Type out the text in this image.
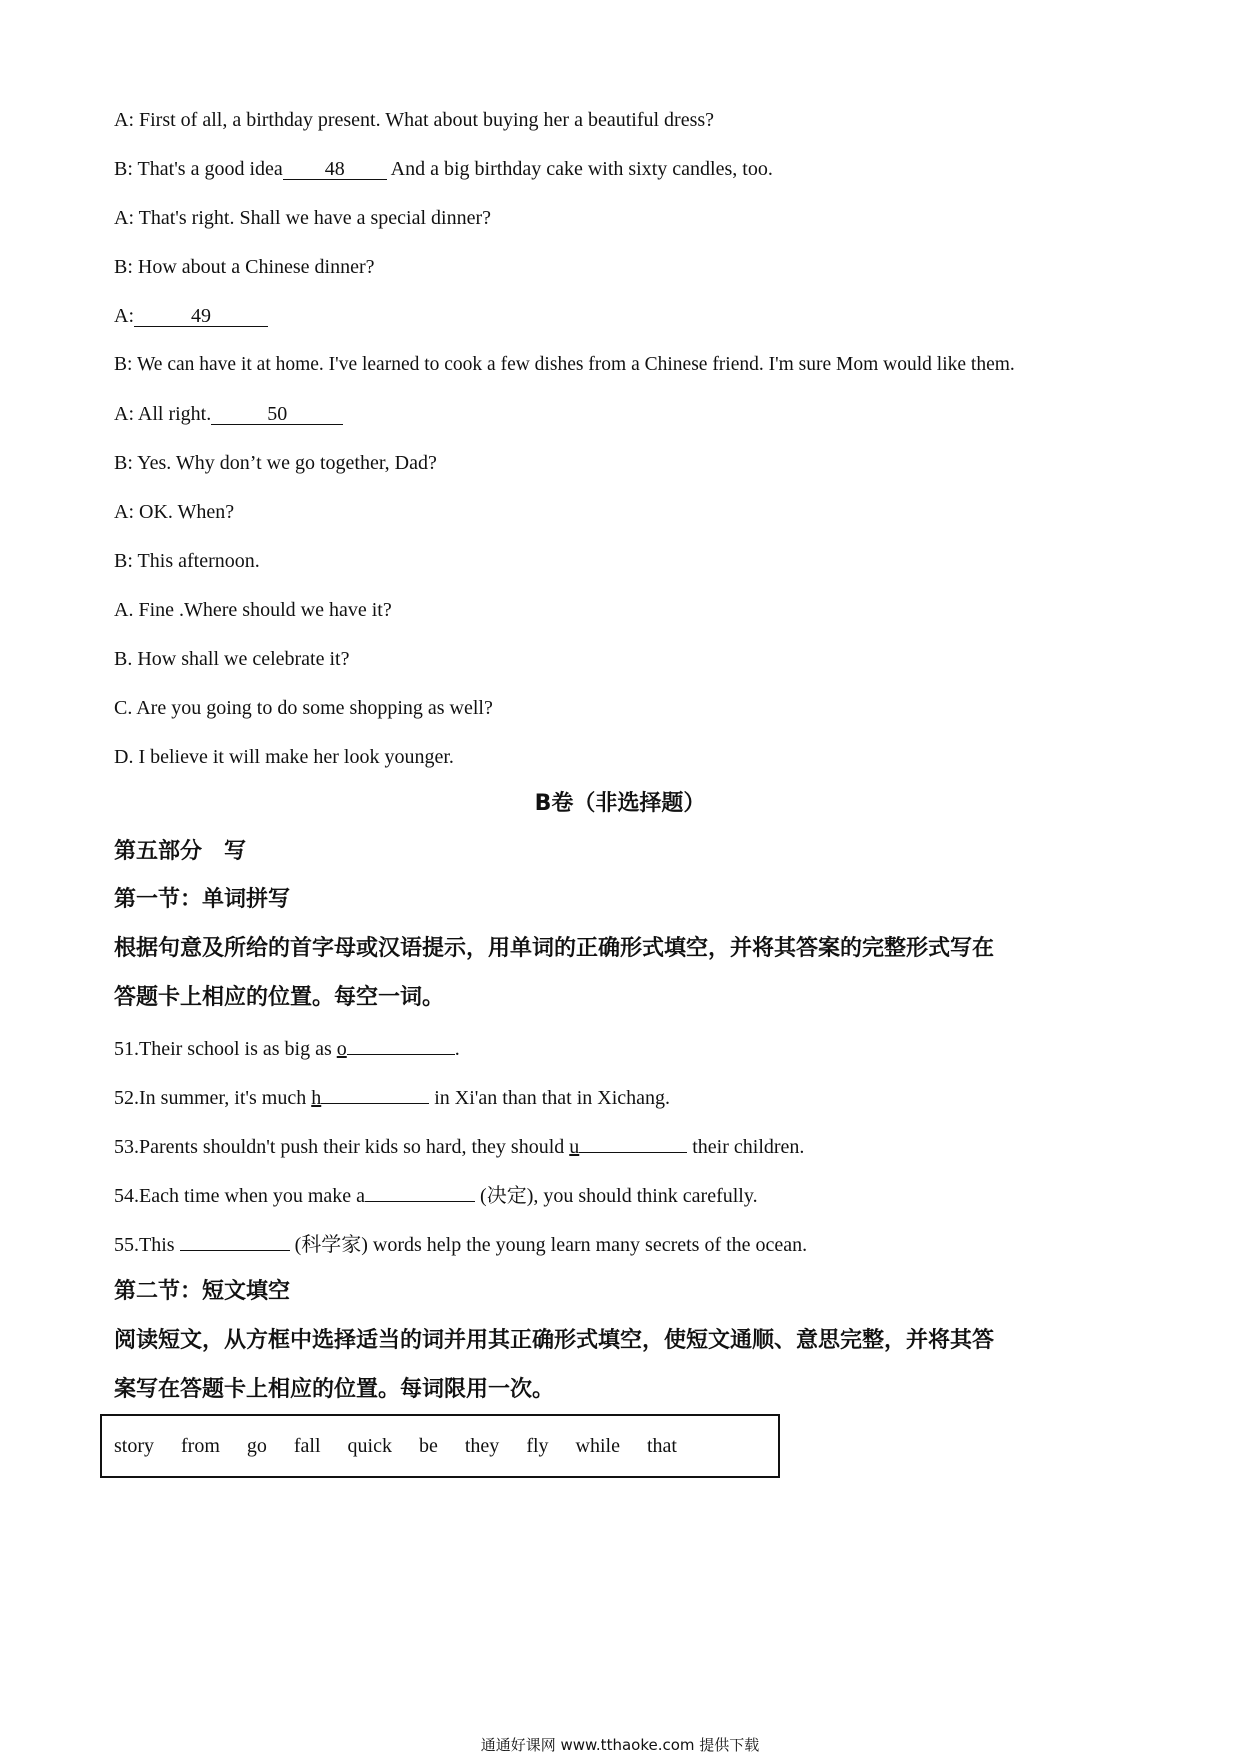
A: First of all, a birthday present. What about buying her a beautiful dress?
B: That's a good idea 48 And a big birthday cake with sixty candles, too.
A: That's right. Shall we have a special dinner?
B: How about a Chinese dinner?
A:	49
B: We can have it at home. I've learned to cook a few dishes from a Chinese friend. I'm sure Mom would like them.
A: All right.	50
B: Yes. Why don’t we go together, Dad?
A: OK. When?
B: This afternoon.
A. Fine .Where should we have it?
B. How shall we celebrate it?
C. Are you going to do some shopping as well?
D. I believe it will make her look younger.
B卷（非选择题）
第五部分　写
第一节：单词拼写
根据句意及所给的首字母或汉语提示，用单词的正确形式填空，并将其答案的完整形式写在
答题卡上相应的位置。每空一词。
51.Their school is as big as o	.
52.In summer, it's much h	in Xi'an than that in Xichang.
53.Parents shouldn't push their kids so hard, they should u	their children.
54.Each time when you make a	(决定), you should think carefully.
55.This	(科学家) words help the young learn many secrets of the ocean.
第二节：短文填空
阅读短文，从方框中选择适当的词并用其正确形式填空，使短文通顺、意思完整，并将其答
案写在答题卡上相应的位置。每词限用一次。
story from go fall quick be they fly while that
通通好课网 www.tthaoke.com 提供下载
